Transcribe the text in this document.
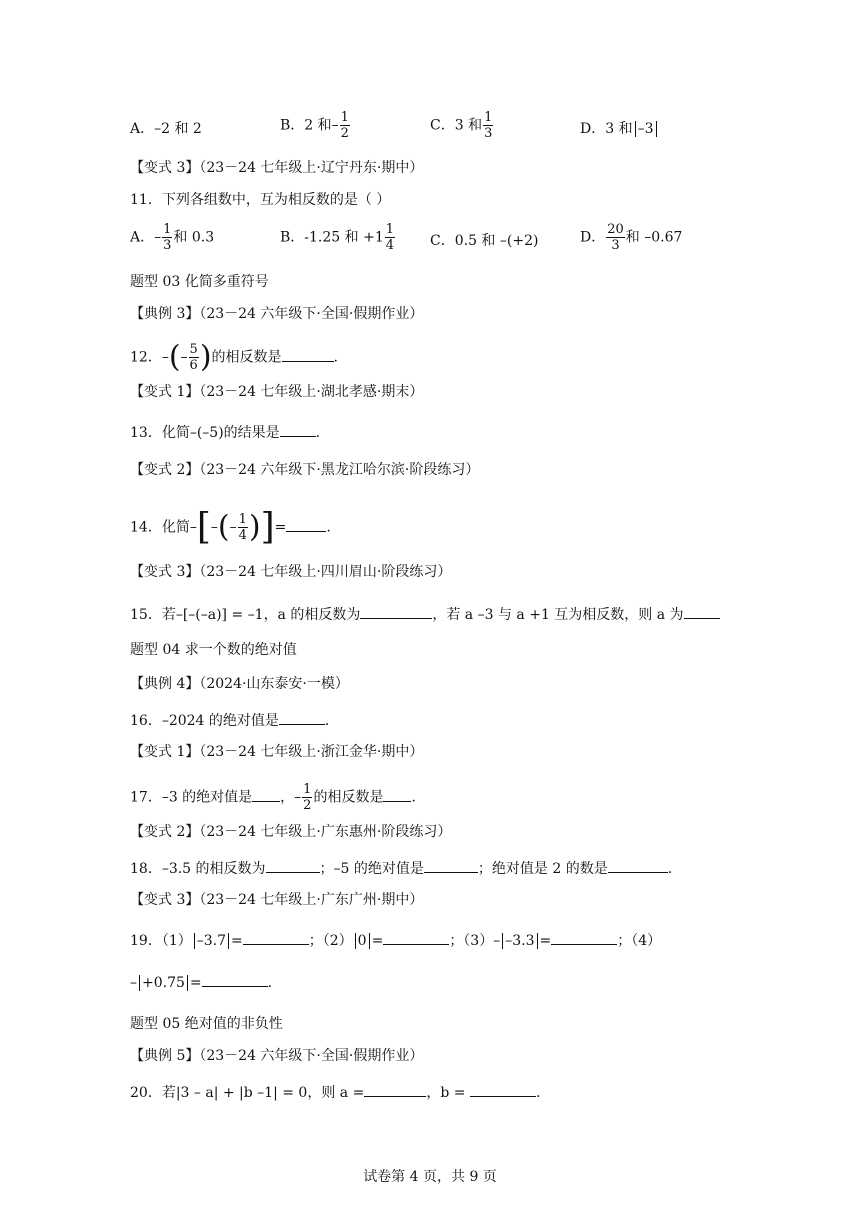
A．–2 和 2	B．2 和– $\frac{1}{2}$	C．3 和 $\frac{1}{3}$	D．3 和 –3
【变式 3】（23－24 七年级上·辽宁丹东·期中）
11．下列各组数中，互为相反数的是（ ）
A．– $\frac{1}{3}$ 和 0.3	B．-1.25 和 $+1 \frac{1}{4}$ C．0.5 和 –(+2)	D． $\frac{20}{3}$ 和 –0.67
题型 03 化简多重符号
【典例 3】（23－24 六年级下·全国·假期作业）
12．–(– $\frac{5}{6}$ )的相反数是	.
【变式 1】（23－24 七年级上·湖北孝感·期末）
13．化简–(–5)的结果是	.
【变式 2】（23－24 六年级下·黑龙江哈尔滨·阶段练习）
14．化简–[–(– $\frac{1}{4}$ )]=	.
【变式 3】（23－24 七年级上·四川眉山·阶段练习）
15．若–[–(–a)] = –1，a 的相反数为	，若 a –3 与 a +1 互为相反数，则 a 为
题型 04 求一个数的绝对值
【典例 4】（2024·山东泰安·一模）
16．–2024 的绝对值是	.
【变式 1】（23－24 七年级上·浙江金华·期中）
17．–3 的绝对值是 ，– $\frac{1}{2}$ 的相反数是 .
【变式 2】（23－24 七年级上·广东惠州·阶段练习）
18．–3.5 的相反数为	；–5 的绝对值是	；绝对值是 2 的数是	.
【变式 3】（23－24 七年级上·广东广州·期中）
19．（1） –3.7 =	；（2） 0 =	；（3）– –3.3 =	；（4）
– +0.75 =	.
题型 05 绝对值的非负性
【典例 5】（23－24 六年级下·全国·假期作业）
20．若|3 – a| + |b –1| = 0，则 a =	，b =	.
试卷第 4 页，共 9 页
